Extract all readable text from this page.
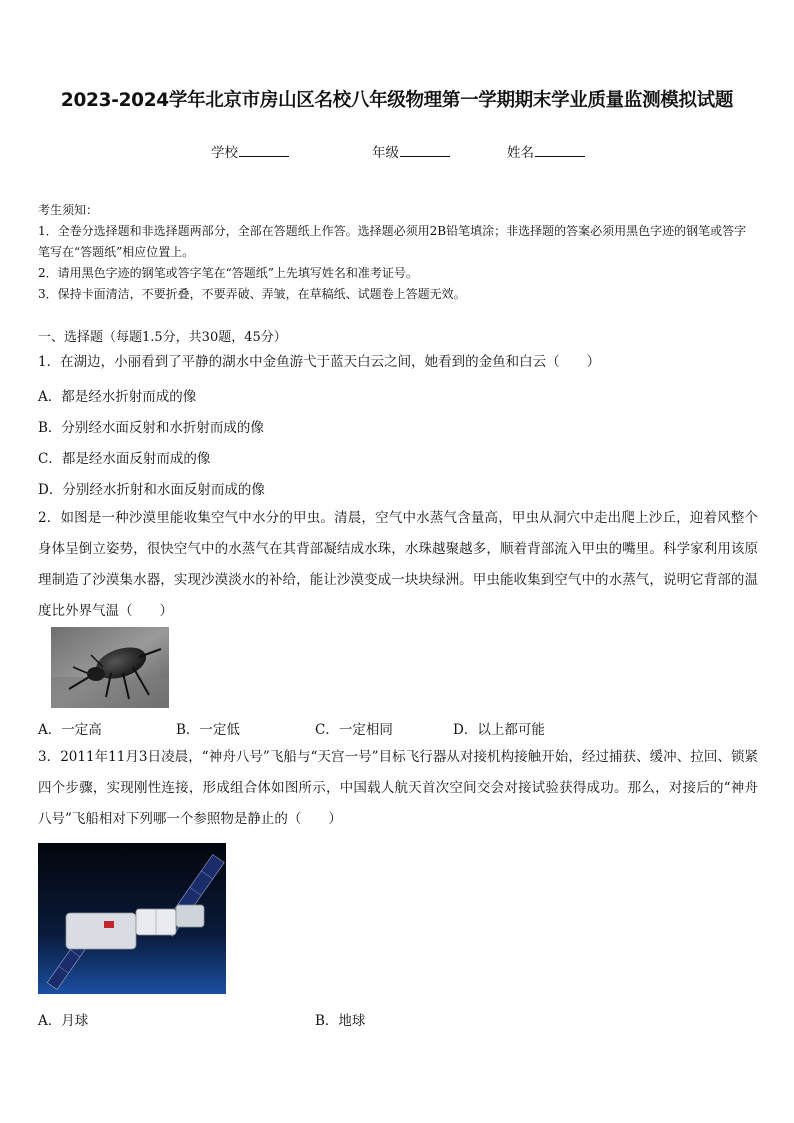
2023-2024学年北京市房山区名校八年级物理第一学期期末学业质量监测模拟试题
学校	年级	姓名
考生须知：
1．全卷分选择题和非选择题两部分，全部在答题纸上作答。选择题必须用2B铅笔填涂；非选择题的答案必须用黑色字迹的钢笔或答字笔写在“答题纸”相应位置上。
2．请用黑色字迹的钢笔或答字笔在“答题纸”上先填写姓名和准考证号。
3．保持卡面清洁，不要折叠，不要弄破、弄皱，在草稿纸、试题卷上答题无效。
一、选择题（每题1.5分，共30题，45分）
1．在湖边，小丽看到了平静的湖水中金鱼游弋于蓝天白云之间，她看到的金鱼和白云（　　）
A．都是经水折射而成的像
B．分别经水面反射和水折射而成的像
C．都是经水面反射而成的像
D．分别经水折射和水面反射而成的像
2．如图是一种沙漠里能收集空气中水分的甲虫。清晨，空气中水蒸气含量高，甲虫从洞穴中走出爬上沙丘，迎着风整个身体呈倒立姿势，很快空气中的水蒸气在其背部凝结成水珠，水珠越聚越多，顺着背部流入甲虫的嘴里。科学家利用该原理制造了沙漠集水器，实现沙漠淡水的补给，能让沙漠变成一块块绿洲。甲虫能收集到空气中的水蒸气，说明它背部的温度比外界气温（　　）
A．一定高	B．一定低	C．一定相同	D．以上都可能
3．2011年11月3日凌晨，“神舟八号”飞船与“天宫一号”目标飞行器从对接机构接触开始，经过捕获、缓冲、拉回、锁紧四个步骤，实现刚性连接，形成组合体如图所示，中国载人航天首次空间交会对接试验获得成功。那么，对接后的“神舟八号”飞船相对下列哪一个参照物是静止的（　　）
A．月球	B．地球
